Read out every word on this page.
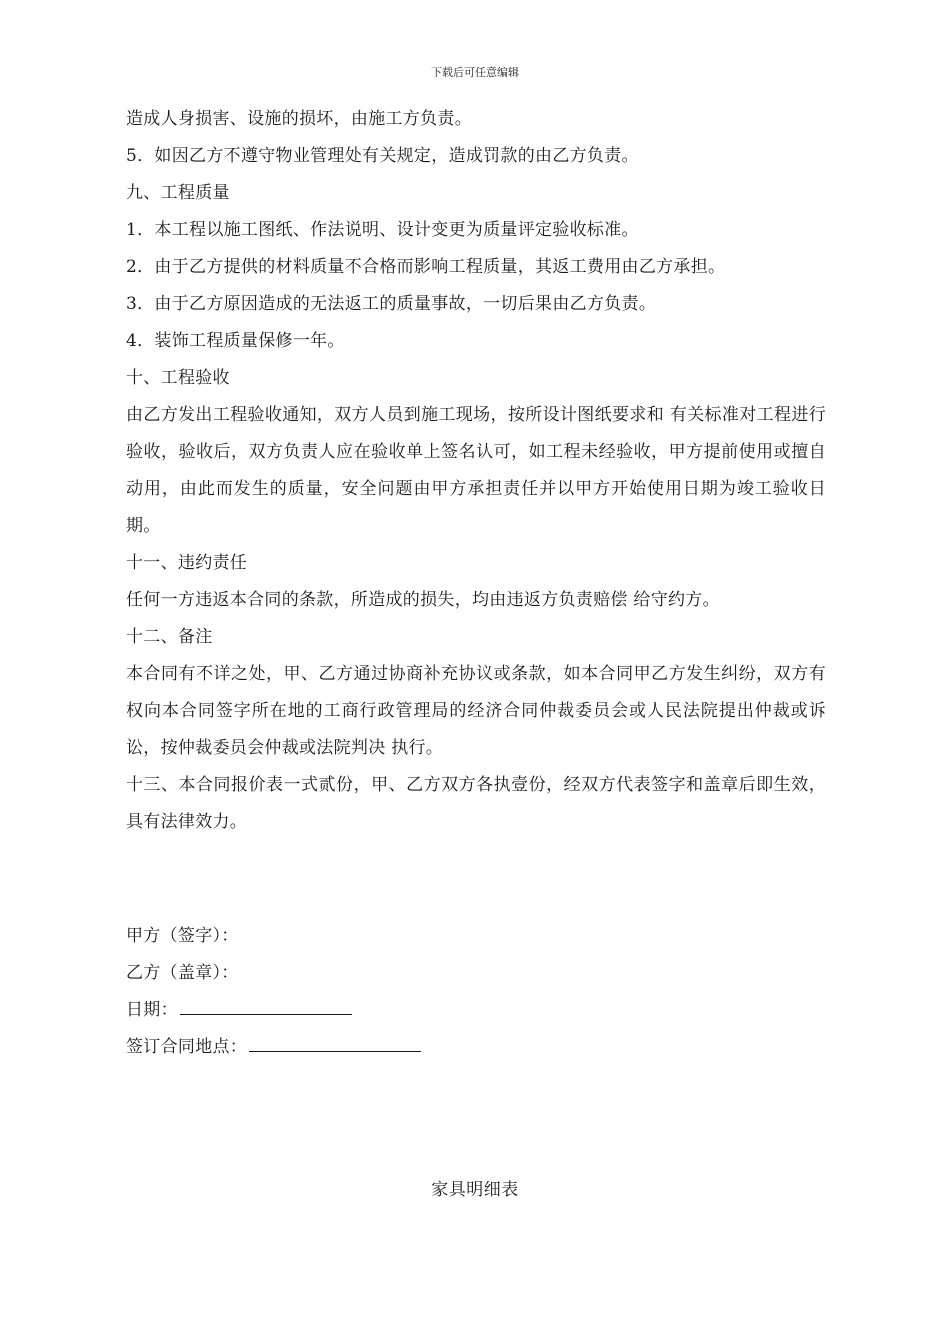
下载后可任意编辑

造成人身损害、设施的损坏，由施工方负责。

5．如因乙方不遵守物业管理处有关规定，造成罚款的由乙方负责。

九、工程质量

1．本工程以施工图纸、作法说明、设计变更为质量评定验收标准。

2．由于乙方提供的材料质量不合格而影响工程质量，其返工费用由乙方承担。

3．由于乙方原因造成的无法返工的质量事故，一切后果由乙方负责。

4．装饰工程质量保修一年。

十、工程验收

由乙方发出工程验收通知，双方人员到施工现场，按所设计图纸要求和 有关标准对工程进行验收，验收后，双方负责人应在验收单上签名认可，如工程未经验收，甲方提前使用或擅自动用，由此而发生的质量，安全问题由甲方承担责任并以甲方开始使用日期为竣工验收日期。

十一、违约责任

任何一方违返本合同的条款，所造成的损失，均由违返方负责赔偿 给守约方。

十二、备注

本合同有不详之处，甲、乙方通过协商补充协议或条款，如本合同甲乙方发生纠纷，双方有权向本合同签字所在地的工商行政管理局的经济合同仲裁委员会或人民法院提出仲裁或诉讼，按仲裁委员会仲裁或法院判决 执行。

十三、本合同报价表一式贰份，甲、乙方双方各执壹份，经双方代表签字和盖章后即生效，具有法律效力。

甲方（签字）：

乙方（盖章）：

日期：

签订合同地点：

家具明细表
